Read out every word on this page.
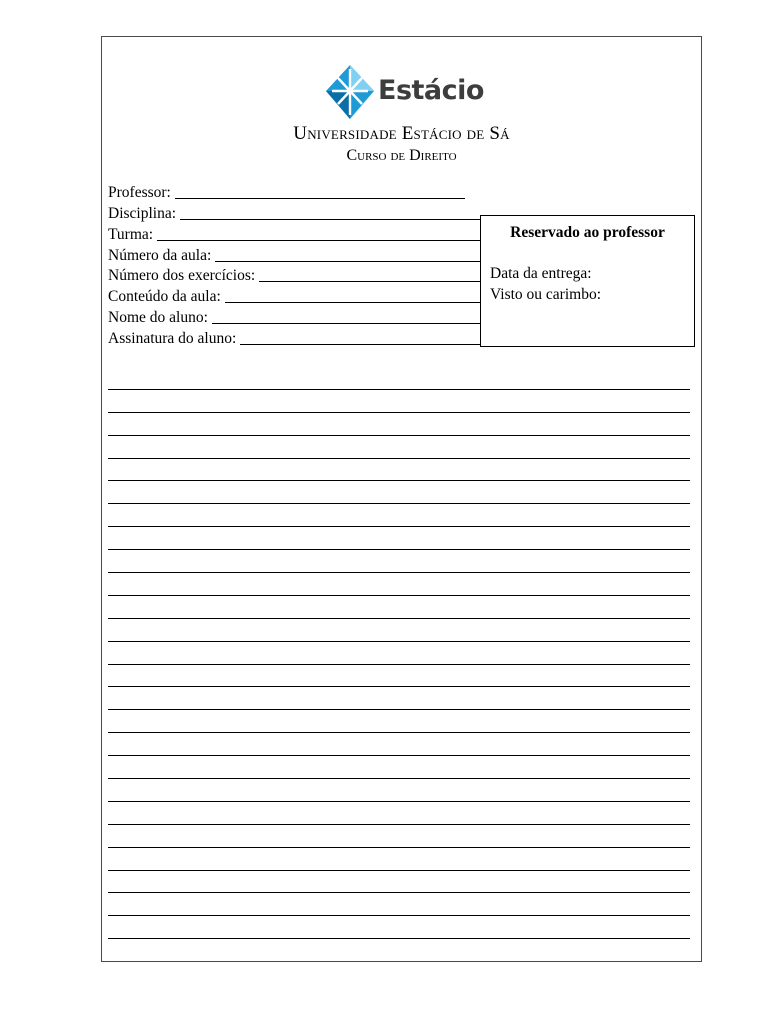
Estácio
Universidade Estácio de Sá
Curso de Direito
Professor:
Disciplina:
Turma:
Número da aula:
Número dos exercícios:
Conteúdo da aula:
Nome do aluno:
Assinatura do aluno:
Reservado ao professor
Data da entrega:
Visto ou carimbo:
